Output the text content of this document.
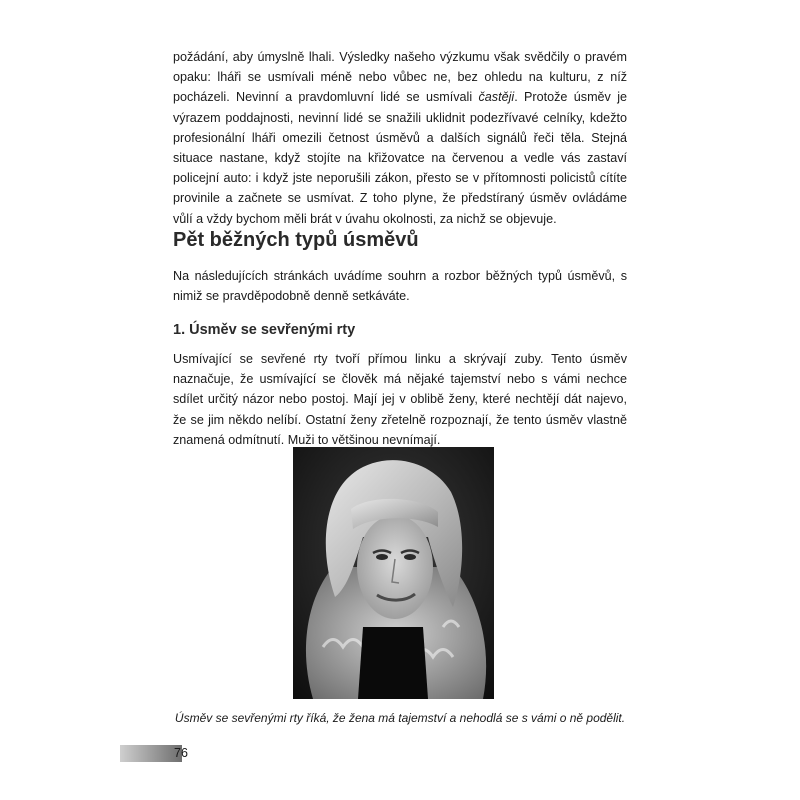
požádání, aby úmyslně lhali. Výsledky našeho výzkumu však svědčily o pravém opaku: lháři se usmívali méně nebo vůbec ne, bez ohledu na kulturu, z níž pocházeli. Nevinní a pravdomluvní lidé se usmívali častěji. Protože úsměv je výrazem poddajnosti, nevinní lidé se snažili uklidnit podezřívavé celníky, kdežto profesionální lháři omezili četnost úsměvů a dalších signálů řeči těla. Stejná situace nastane, když stojíte na křižovatce na červenou a vedle vás zastaví policejní auto: i když jste neporušili zákon, přesto se v přítomnosti policistů cítíte provinile a začnete se usmívat. Z toho plyne, že předstíraný úsměv ovládáme vůlí a vždy bychom měli brát v úvahu okolnosti, za nichž se objevuje.

Pět běžných typů úsměvů

Na následujících stránkách uvádíme souhrn a rozbor běžných typů úsměvů, s nimiž se pravděpodobně denně setkáváte.

1. Úsměv se sevřenými rty

Usmívající se sevřené rty tvoří přímou linku a skrývají zuby. Tento úsměv naznačuje, že usmívající se člověk má nějaké tajemství nebo s vámi nechce sdílet určitý názor nebo postoj. Mají jej v oblibě ženy, které nechtějí dát najevo, že se jim někdo nelíbí. Ostatní ženy zřetelně rozpoznají, že tento úsměv vlastně znamená odmítnutí. Muži to většinou nevnímají.

Úsměv se sevřenými rty říká, že žena má tajemství a nehodlá se s vámi o ně podělit.

76
